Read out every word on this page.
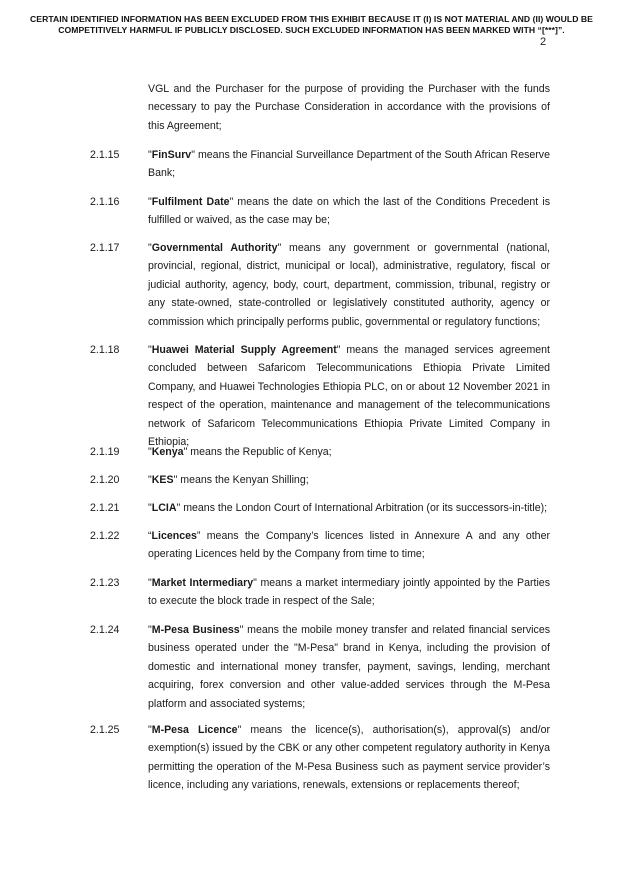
CERTAIN IDENTIFIED INFORMATION HAS BEEN EXCLUDED FROM THIS EXHIBIT BECAUSE IT (I) IS NOT MATERIAL AND (II) WOULD BE COMPETITIVELY HARMFUL IF PUBLICLY DISCLOSED. SUCH EXCLUDED INFORMATION HAS BEEN MARKED WITH “[***]”.
2
VGL and the Purchaser for the purpose of providing the Purchaser with the funds necessary to pay the Purchase Consideration in accordance with the provisions of this Agreement;
2.1.15	"FinSurv" means the Financial Surveillance Department of the South African Reserve Bank;
2.1.16	"Fulfilment Date" means the date on which the last of the Conditions Precedent is fulfilled or waived, as the case may be;
2.1.17	"Governmental Authority" means any government or governmental (national, provincial, regional, district, municipal or local), administrative, regulatory, fiscal or judicial authority, agency, body, court, department, commission, tribunal, registry or any state-owned, state-controlled or legislatively constituted authority, agency or commission which principally performs public, governmental or regulatory functions;
2.1.18	"Huawei Material Supply Agreement" means the managed services agreement concluded between Safaricom Telecommunications Ethiopia Private Limited Company, and Huawei Technologies Ethiopia PLC, on or about 12 November 2021 in respect of the operation, maintenance and management of the telecommunications network of Safaricom Telecommunications Ethiopia Private Limited Company in Ethiopia;
2.1.19	"Kenya" means the Republic of Kenya;
2.1.20	"KES" means the Kenyan Shilling;
2.1.21	"LCIA" means the London Court of International Arbitration (or its successors-in-title);
2.1.22	“Licences” means the Company’s licences listed in Annexure A and any other operating Licences held by the Company from time to time;
2.1.23	"Market Intermediary" means a market intermediary jointly appointed by the Parties to execute the block trade in respect of the Sale;
2.1.24	"M-Pesa Business" means the mobile money transfer and related financial services business operated under the "M-Pesa" brand in Kenya, including the provision of domestic and international money transfer, payment, savings, lending, merchant acquiring, forex conversion and other value-added services through the M-Pesa platform and associated systems;
2.1.25	"M-Pesa Licence" means the licence(s), authorisation(s), approval(s) and/or exemption(s) issued by the CBK or any other competent regulatory authority in Kenya permitting the operation of the M-Pesa Business such as payment service provider’s licence, including any variations, renewals, extensions or replacements thereof;
